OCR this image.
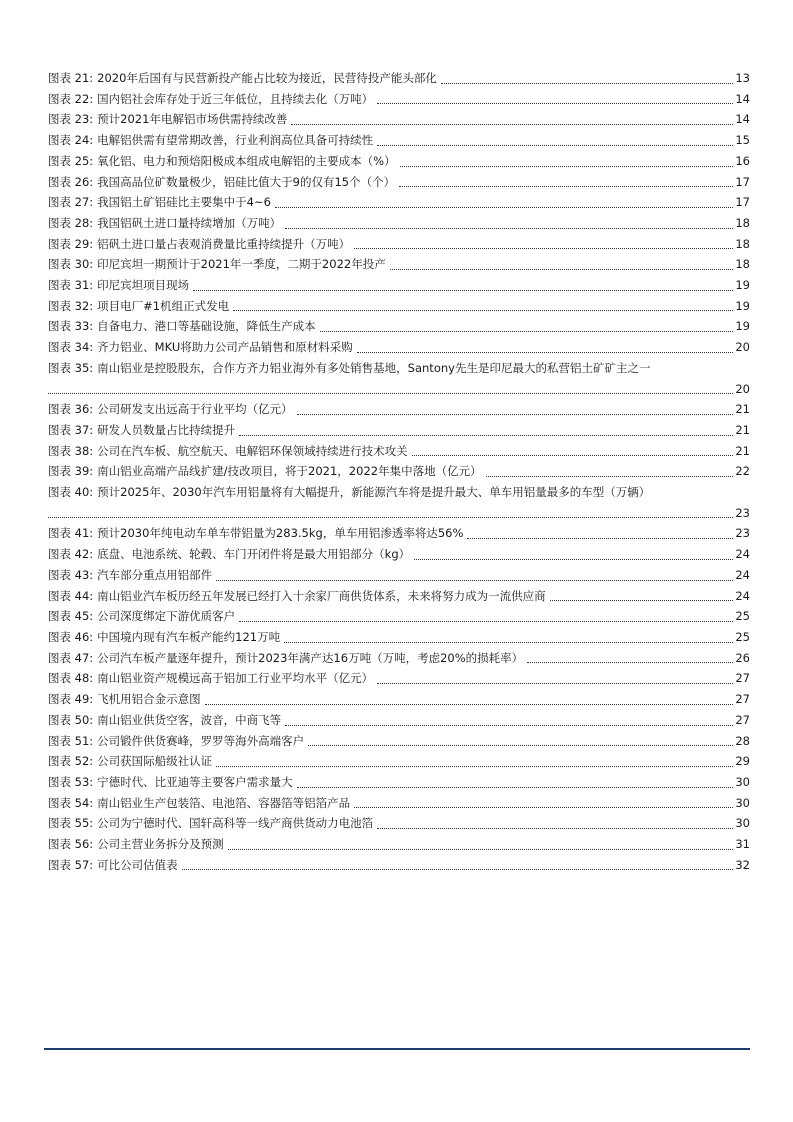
图表 21: 2020年后国有与民营新投产能占比较为接近，民营待投产能头部化	13
图表 22: 国内铝社会库存处于近三年低位，且持续去化（万吨）	14
图表 23: 预计2021年电解铝市场供需持续改善	14
图表 24: 电解铝供需有望常期改善，行业利润高位具备可持续性	15
图表 25: 氧化铝、电力和预焙阳极成本组成电解铝的主要成本（%）	16
图表 26: 我国高品位矿数量极少，铝硅比值大于9的仅有15个（个）	17
图表 27: 我国铝土矿铝硅比主要集中于4~6	17
图表 28: 我国铝矾土进口量持续增加（万吨）	18
图表 29: 铝矾土进口量占表观消费量比重持续提升（万吨）	18
图表 30: 印尼宾坦一期预计于2021年一季度，二期于2022年投产	18
图表 31: 印尼宾坦项目现场	19
图表 32: 项目电厂#1机组正式发电	19
图表 33: 自备电力、港口等基础设施，降低生产成本	19
图表 34: 齐力铝业、MKU将助力公司产品销售和原材料采购	20
图表 35: 南山铝业是控股股东，合作方齐力铝业海外有多处销售基地，Santony先生是印尼最大的私营铝土矿矿主之一
20
图表 36: 公司研发支出远高于行业平均（亿元）	21
图表 37: 研发人员数量占比持续提升	21
图表 38: 公司在汽车板、航空航天、电解铝环保领域持续进行技术攻关	21
图表 39: 南山铝业高端产品线扩建/技改项目，将于2021，2022年集中落地（亿元）	22
图表 40: 预计2025年、2030年汽车用铝量将有大幅提升，新能源汽车将是提升最大、单车用铝量最多的车型（万辆）
23
图表 41: 预计2030年纯电动车单车带铝量为283.5kg，单车用铝渗透率将达56%	23
图表 42: 底盘、电池系统、轮毂、车门开闭件将是最大用铝部分（kg）	24
图表 43: 汽车部分重点用铝部件	24
图表 44: 南山铝业汽车板历经五年发展已经打入十余家厂商供货体系，未来将努力成为一流供应商	24
图表 45: 公司深度绑定下游优质客户	25
图表 46: 中国境内现有汽车板产能约121万吨	25
图表 47: 公司汽车板产量逐年提升，预计2023年满产达16万吨（万吨，考虑20%的损耗率）	26
图表 48: 南山铝业资产规模远高于铝加工行业平均水平（亿元）	27
图表 49: 飞机用铝合金示意图	27
图表 50: 南山铝业供货空客，波音，中商飞等	27
图表 51: 公司锻件供货赛峰，罗罗等海外高端客户	28
图表 52: 公司获国际船级社认证	29
图表 53: 宁德时代、比亚迪等主要客户需求量大	30
图表 54: 南山铝业生产包装箔、电池箔、容器箔等铝箔产品	30
图表 55: 公司为宁德时代、国轩高科等一线产商供货动力电池箔	30
图表 56: 公司主营业务拆分及预测	31
图表 57: 可比公司估值表	32
